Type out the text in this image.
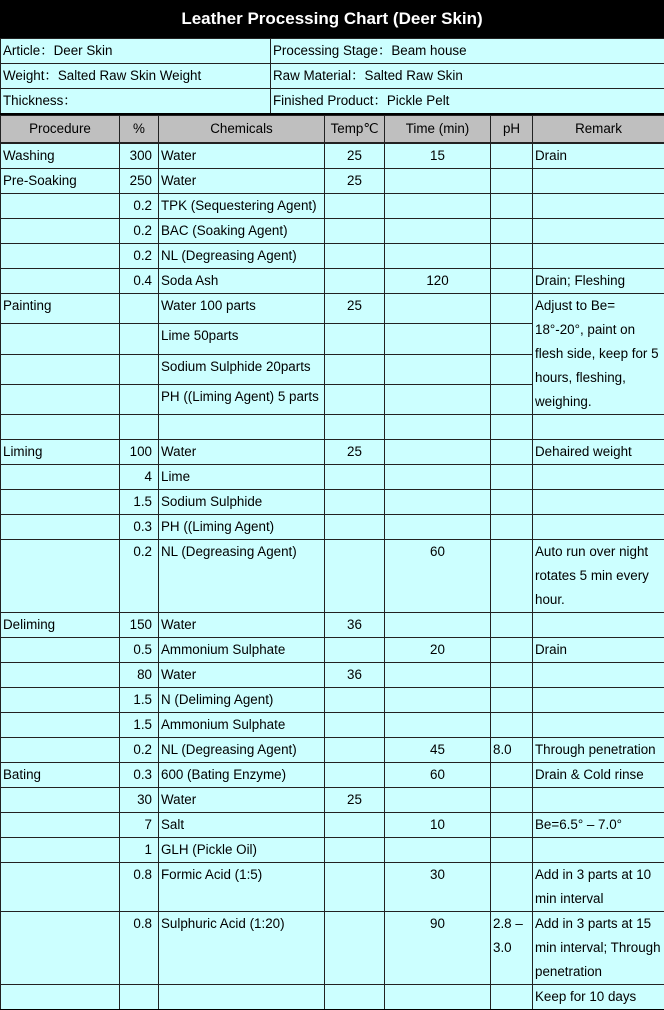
Leather Processing Chart (Deer Skin)
Article：Deer Skin	Processing Stage：Beam house
Weight：Salted Raw Skin Weight	Raw Material：Salted Raw Skin
Thickness：	Finished Product：Pickle Pelt
Procedure	%	Chemicals	Temp℃	Time (min)	pH	Remark
Washing	300	Water	25	15		Drain
Pre-Soaking	250	Water	25			
	0.2	TPK (Sequestering Agent)				
	0.2	BAC (Soaking Agent)				
	0.2	NL (Degreasing Agent)				
	0.4	Soda Ash		120		Drain; Fleshing
Painting		Water 100 parts	25			Adjust to Be= 18°-20°, paint on flesh side, keep for 5 hours, fleshing, weighing.
		Lime 50parts				
		Sodium Sulphide 20parts				
		PH ((Liming Agent) 5 parts				

Liming	100	Water	25			Dehaired weight
	4	Lime				
	1.5	Sodium Sulphide				
	0.3	PH ((Liming Agent)				
	0.2	NL (Degreasing Agent)		60		Auto run over night rotates 5 min every hour.
Deliming	150	Water	36			
	0.5	Ammonium Sulphate		20		Drain
	80	Water	36			
	1.5	N (Deliming Agent)				
	1.5	Ammonium Sulphate				
	0.2	NL (Degreasing Agent)		45	8.0	Through penetration
Bating	0.3	600 (Bating Enzyme)		60		Drain & Cold rinse
	30	Water	25			
	7	Salt		10		Be=6.5° – 7.0°
	1	GLH (Pickle Oil)				
	0.8	Formic Acid (1:5)		30		Add in 3 parts at 10 min interval
	0.8	Sulphuric Acid (1:20)		90	2.8 – 3.0	Add in 3 parts at 15 min interval; Through penetration
						Keep for 10 days
